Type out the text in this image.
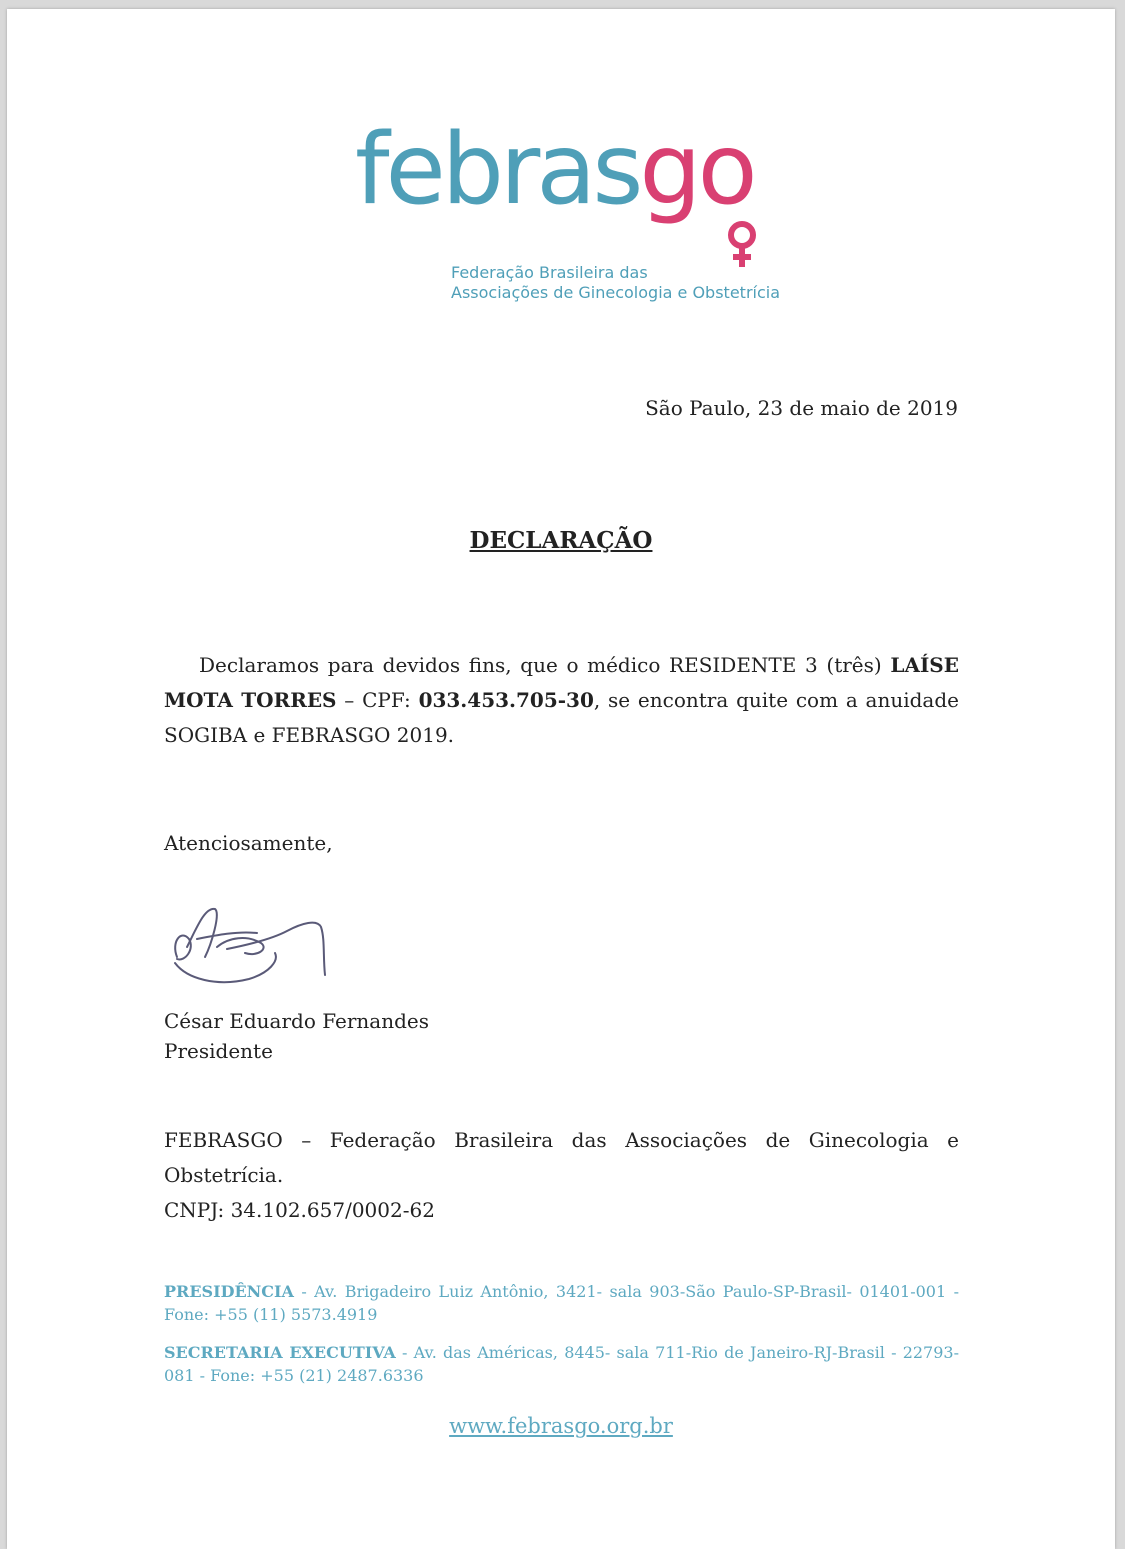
febrasgo
Federação Brasileira das
Associações de Ginecologia e Obstetrícia
São Paulo, 23 de maio de 2019
DECLARAÇÃO
Declaramos para devidos fins, que o médico RESIDENTE 3 (três) LAÍSE MOTA TORRES – CPF: 033.453.705-30, se encontra quite com a anuidade SOGIBA e FEBRASGO 2019.
Atenciosamente,
César Eduardo Fernandes
Presidente
FEBRASGO – Federação Brasileira das Associações de Ginecologia e Obstetrícia.
CNPJ: 34.102.657/0002-62
PRESIDÊNCIA - Av. Brigadeiro Luiz Antônio, 3421- sala 903-São Paulo-SP-Brasil- 01401-001 - Fone: +55 (11) 5573.4919
SECRETARIA EXECUTIVA - Av. das Américas, 8445- sala 711-Rio de Janeiro-RJ-Brasil - 22793-081 - Fone: +55 (21) 2487.6336
www.febrasgo.org.br
